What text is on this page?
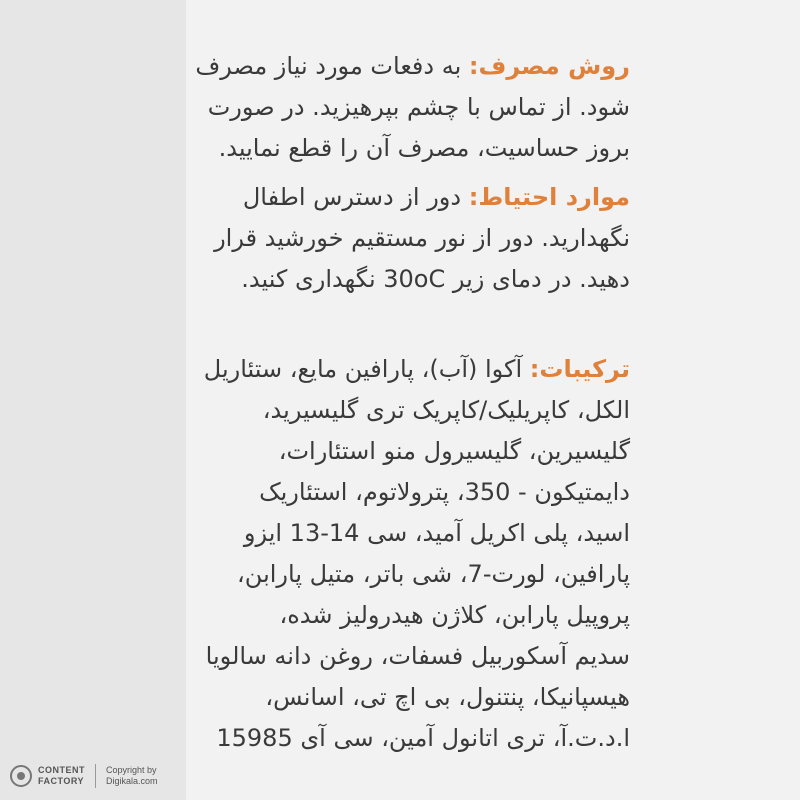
روش مصرف: به دفعات مورد نیاز مصرف
شود. از تماس با چشم بپرهیزید. در صورت
بروز حساسیت، مصرف آن را قطع نمایید.
موارد احتیاط: دور از دسترس اطفال
نگهدارید. دور از نور مستقیم خورشید قرار
دهید. در دمای زیر 30oC نگهداری کنید.
ترکیبات: آکوا (آب)، پارافین مایع، ستئاریل
الکل، کاپریلیک/کاپریک تری گلیسیرید،
گلیسیرین، گلیسیرول منو استئارات،
دایمتیکون - 350، پترولاتوم، استئاریک
اسید، پلی اکریل آمید، سی 14-13 ایزو
پارافین، لورت-7، شی باتر، متیل پارابن،
پروپیل پارابن، کلاژن هیدرولیز شده،
سدیم آسکوربیل فسفات، روغن دانه سالویا
هیسپانیکا، پنتنول، بی اچ تی، اسانس،
ا.د.ت.آ، تری اتانول آمین، سی آی 15985
CONTENT
FACTORY
Copyright by
Digikala.com
